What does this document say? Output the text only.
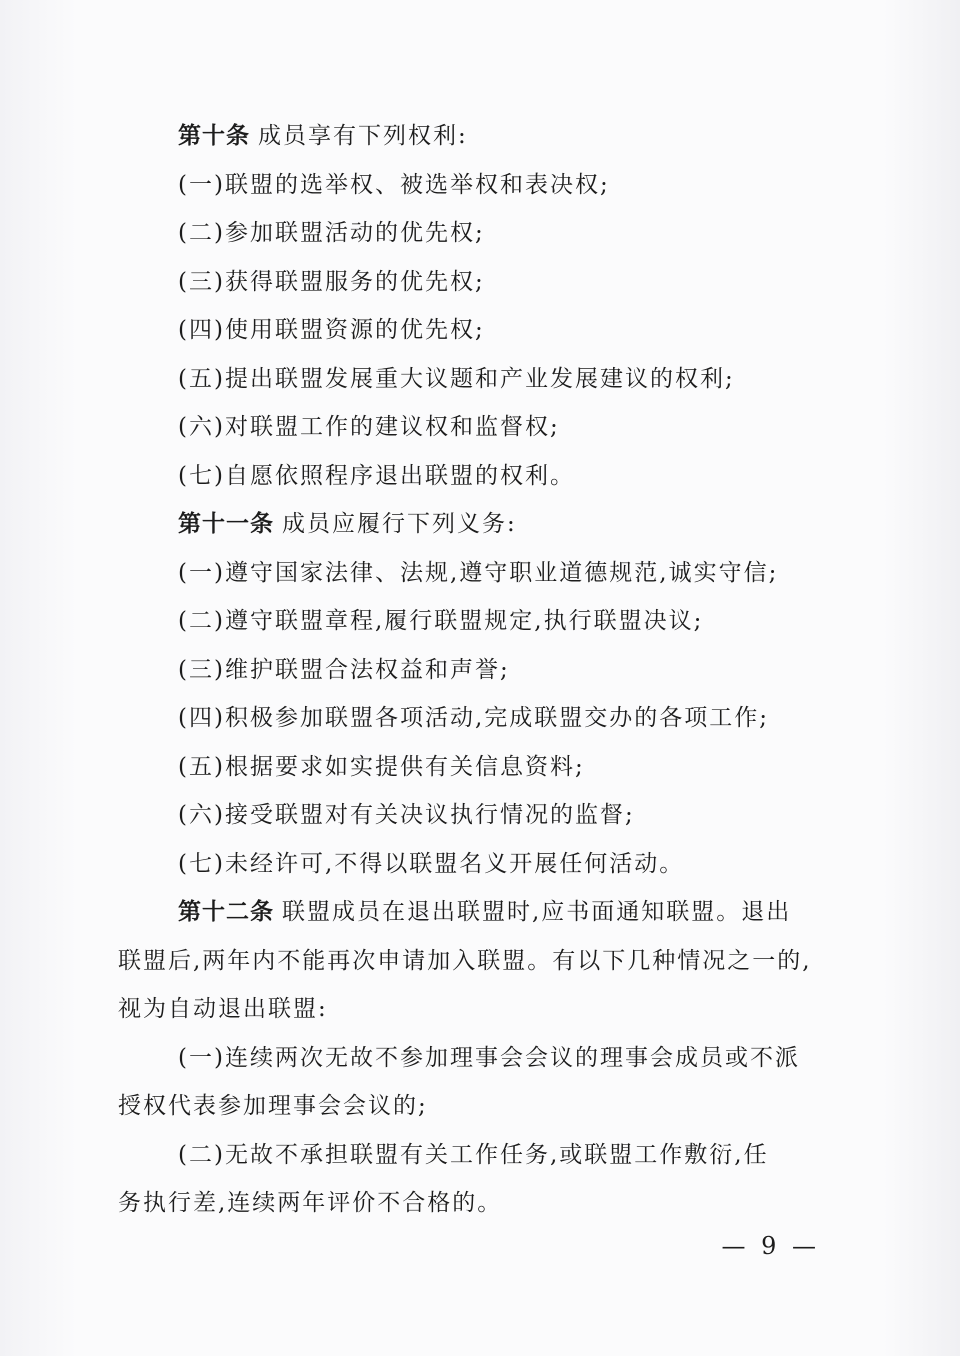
第十条 成员享有下列权利:
(一)联盟的选举权、被选举权和表决权;
(二)参加联盟活动的优先权;
(三)获得联盟服务的优先权;
(四)使用联盟资源的优先权;
(五)提出联盟发展重大议题和产业发展建议的权利;
(六)对联盟工作的建议权和监督权;
(七)自愿依照程序退出联盟的权利。
第十一条 成员应履行下列义务:
(一)遵守国家法律、法规,遵守职业道德规范,诚实守信;
(二)遵守联盟章程,履行联盟规定,执行联盟决议;
(三)维护联盟合法权益和声誉;
(四)积极参加联盟各项活动,完成联盟交办的各项工作;
(五)根据要求如实提供有关信息资料;
(六)接受联盟对有关决议执行情况的监督;
(七)未经许可,不得以联盟名义开展任何活动。
第十二条 联盟成员在退出联盟时,应书面通知联盟。退出
联盟后,两年内不能再次申请加入联盟。有以下几种情况之一的,
视为自动退出联盟:
(一)连续两次无故不参加理事会会议的理事会成员或不派
授权代表参加理事会会议的;
(二)无故不承担联盟有关工作任务,或联盟工作敷衍,任
务执行差,连续两年评价不合格的。
— 9 —
